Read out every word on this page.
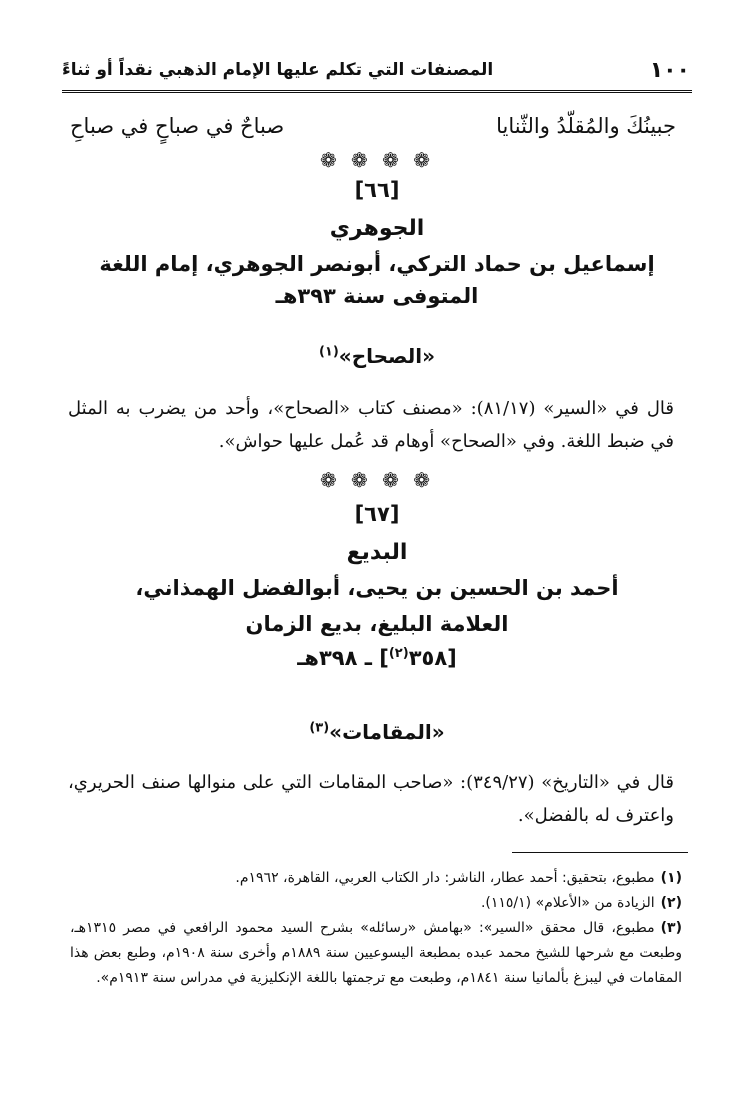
١٠٠
المصنفات التي تكلم عليها الإمام الذهبي نقداً أو ثناءً
جبينُكَ والمُقلّدُ والثّنايا
صباحٌ في صباحٍ في صباحِ
❁ ❁ ❁ ❁
[٦٦]
الجوهري
إسماعيل بن حماد التركي، أبونصر الجوهري، إمام اللغة
المتوفى سنة ٣٩٣هـ
«الصحاح»$^{(١)}$
قال في «السير» (٨١/١٧): «مصنف كتاب «الصحاح»، وأحد من يضرب به المثل في ضبط اللغة. وفي «الصحاح» أوهام قد عُمل عليها حواش».
❁ ❁ ❁ ❁
[٦٧]
البديع
أحمد بن الحسين بن يحيى، أبوالفضل الهمذاني،
العلامة البليغ، بديع الزمان
[٣٥٨$^{(٢)}$] ـ ٣٩٨هـ
«المقامات»$^{(٣)}$
قال في «التاريخ» (٣٤٩/٢٧): «صاحب المقامات التي على منوالها صنف الحريري، واعترف له بالفضل».
(١)مطبوع، بتحقيق: أحمد عطار، الناشر: دار الكتاب العربي، القاهرة، ١٩٦٢م.
(٢)الزيادة من «الأعلام» (١١٥/١).
(٣)مطبوع، قال محقق «السير»: «بهامش «رسائله» بشرح السيد محمود الرافعي في مصر ١٣١٥هـ، وطبعت مع شرحها للشيخ محمد عبده بمطبعة اليسوعيين سنة ١٨٨٩م وأخرى سنة ١٩٠٨م، وطبع بعض هذا المقامات في ليبزغ بألمانيا سنة ١٨٤١م، وطبعت مع ترجمتها باللغة الإنكليزية في مدراس سنة ١٩١٣م».
